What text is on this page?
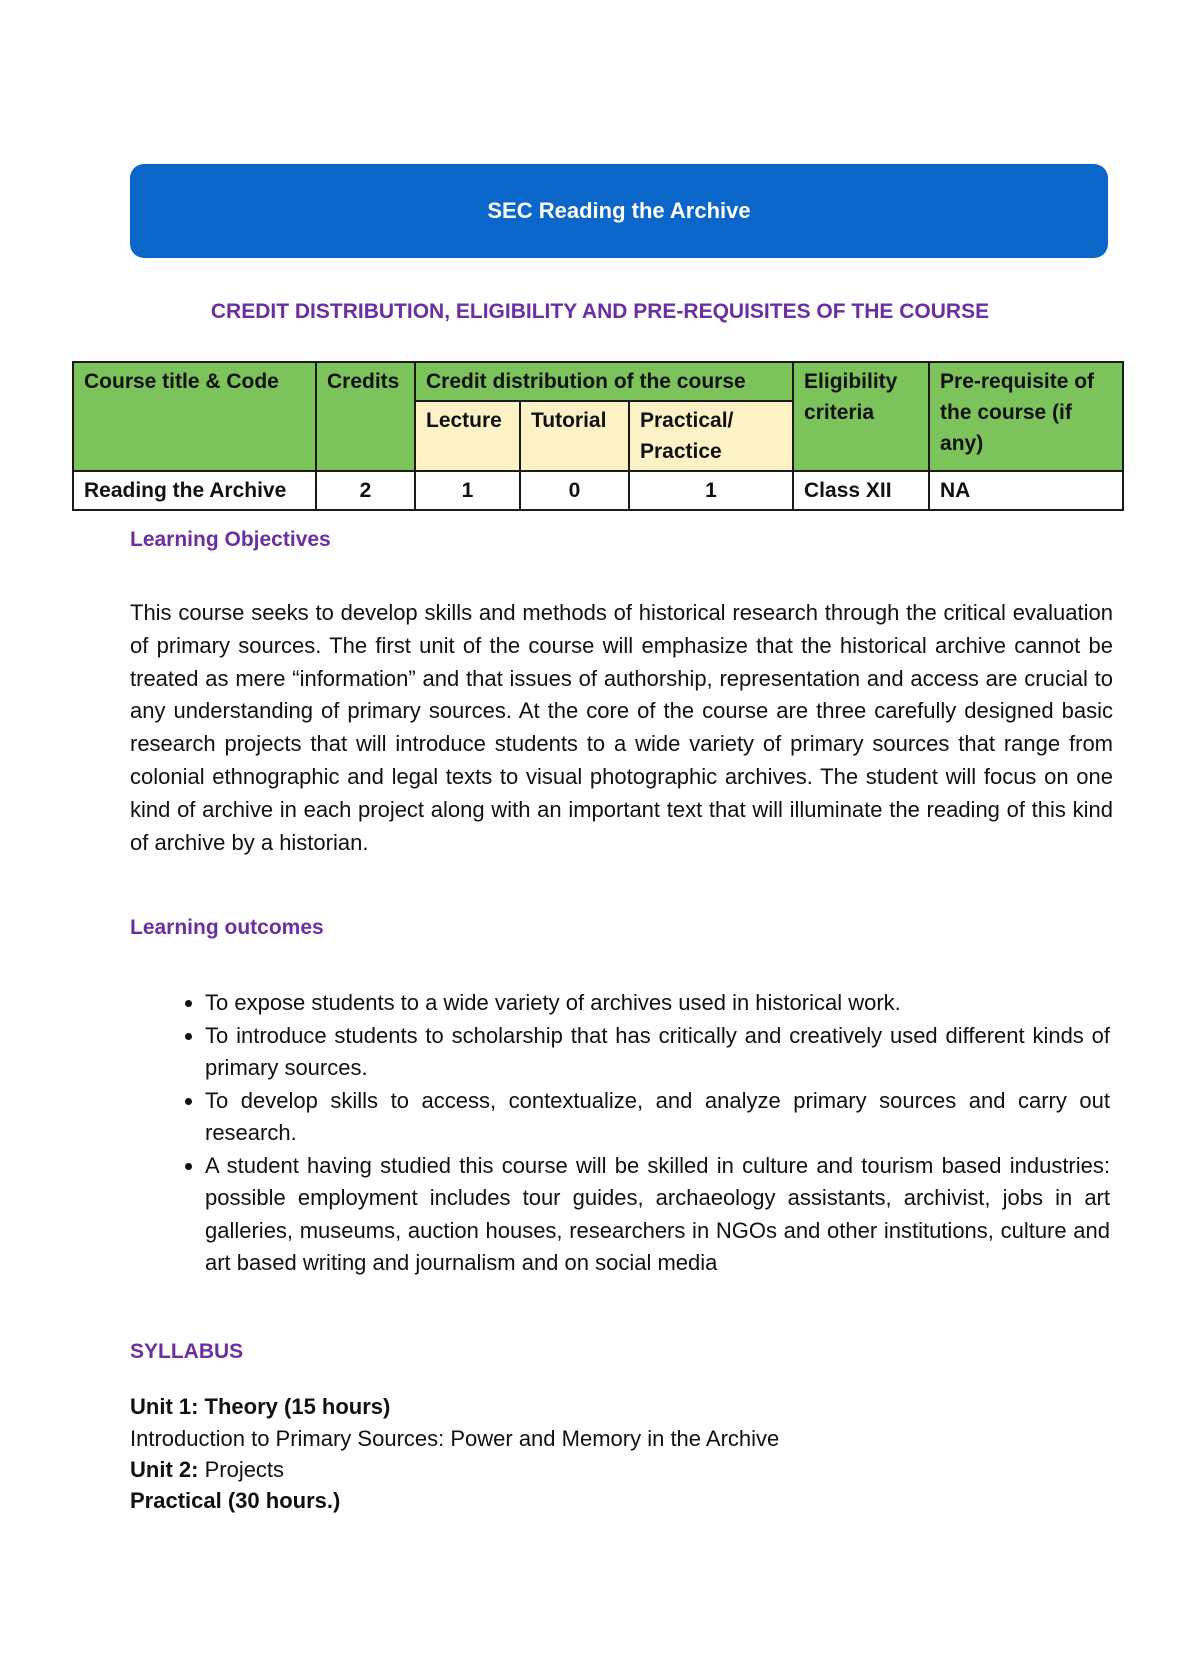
SEC Reading the Archive
CREDIT DISTRIBUTION, ELIGIBILITY AND PRE-REQUISITES OF THE COURSE
Course title & Code	Credits	Credit distribution of the course			Eligibility criteria	Pre-requisite of the course (if any)
		Lecture	Tutorial	Practical/ Practice		
Reading the Archive	2	1	0	1	Class XII	NA
Learning Objectives

This course seeks to develop skills and methods of historical research through the critical evaluation of primary sources. The first unit of the course will emphasize that the historical archive cannot be treated as mere “information” and that issues of authorship, representation and access are crucial to any understanding of primary sources. At the core of the course are three carefully designed basic research projects that will introduce students to a wide variety of primary sources that range from colonial ethnographic and legal texts to visual photographic archives. The student will focus on one kind of archive in each project along with an important text that will illuminate the reading of this kind of archive by a historian.

Learning outcomes
• To expose students to a wide variety of archives used in historical work.
• To introduce students to scholarship that has critically and creatively used different kinds of primary sources.
• To develop skills to access, contextualize, and analyze primary sources and carry out research.
• A student having studied this course will be skilled in culture and tourism based industries: possible employment includes tour guides, archaeology assistants, archivist, jobs in art galleries, museums, auction houses, researchers in NGOs and other institutions, culture and art based writing and journalism and on social media
SYLLABUS
Unit 1: Theory (15 hours)
Introduction to Primary Sources: Power and Memory in the Archive
Unit 2: Projects
Practical (30 hours.)
